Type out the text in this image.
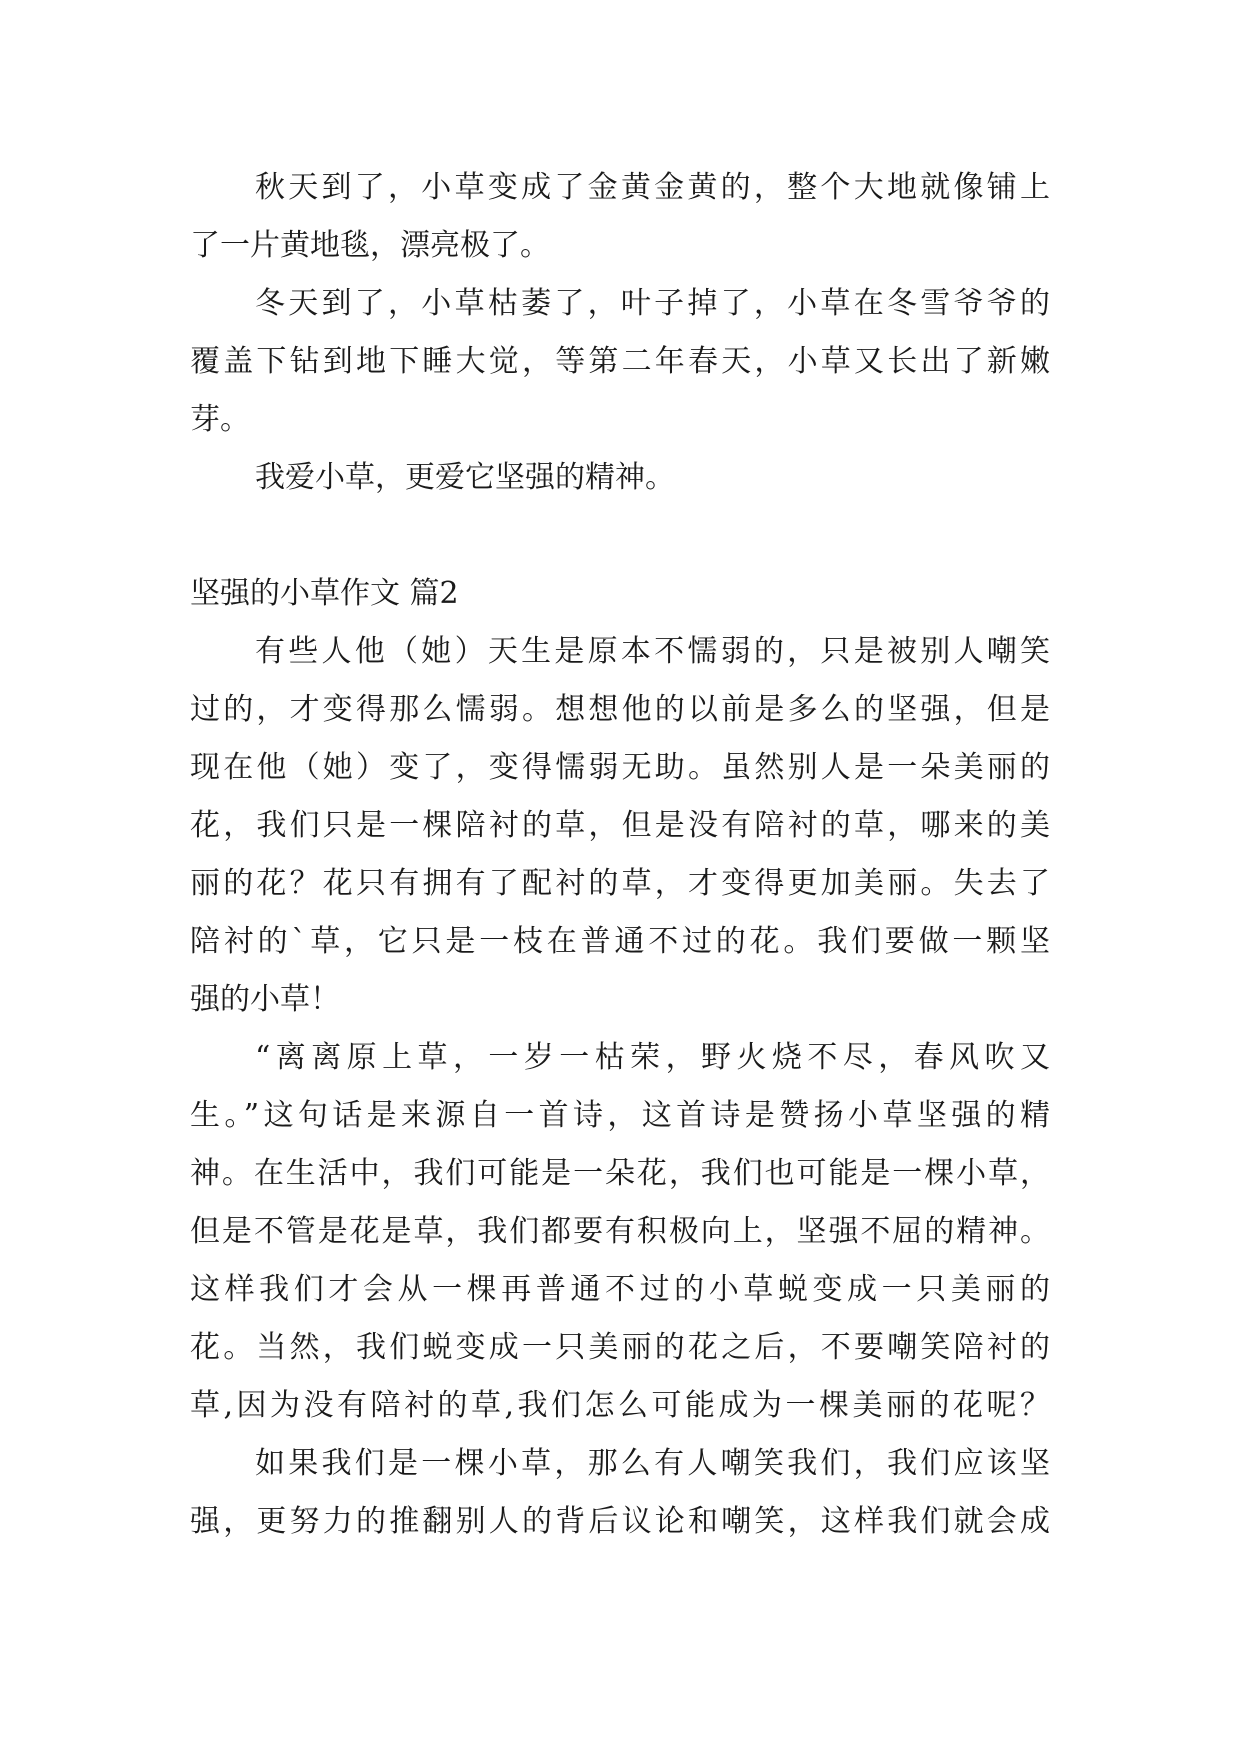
秋天到了，小草变成了金黄金黄的，整个大地就像铺上
了一片黄地毯，漂亮极了。
冬天到了，小草枯萎了，叶子掉了，小草在冬雪爷爷的
覆盖下钻到地下睡大觉，等第二年春天，小草又长出了新嫩
芽。
我爱小草，更爱它坚强的精神。
坚强的小草作文 篇2
有些人他（她）天生是原本不懦弱的，只是被别人嘲笑
过的，才变得那么懦弱。想想他的以前是多么的坚强，但是
现在他（她）变了，变得懦弱无助。虽然别人是一朵美丽的
花，我们只是一棵陪衬的草，但是没有陪衬的草，哪来的美
丽的花？花只有拥有了配衬的草，才变得更加美丽。失去了
陪衬的`草，它只是一枝在普通不过的花。我们要做一颗坚
强的小草！
“离离原上草，一岁一枯荣，野火烧不尽，春风吹又
生。”这句话是来源自一首诗，这首诗是赞扬小草坚强的精
神。在生活中，我们可能是一朵花，我们也可能是一棵小草，
但是不管是花是草，我们都要有积极向上，坚强不屈的精神。
这样我们才会从一棵再普通不过的小草蜕变成一只美丽的
花。当然，我们蜕变成一只美丽的花之后，不要嘲笑陪衬的
草,因为没有陪衬的草,我们怎么可能成为一棵美丽的花呢？
如果我们是一棵小草，那么有人嘲笑我们，我们应该坚
强，更努力的推翻别人的背后议论和嘲笑，这样我们就会成
